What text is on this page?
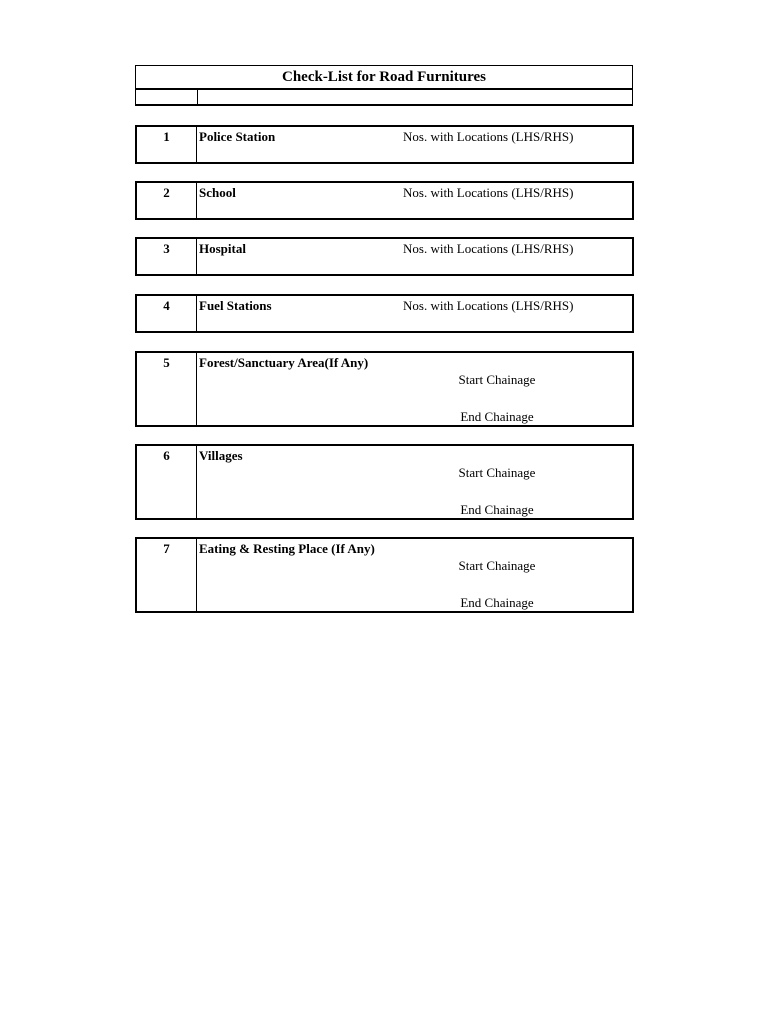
Check-List for Road Furnitures
1	Police Station	Nos. with Locations (LHS/RHS)
2	School	Nos. with Locations (LHS/RHS)
3	Hospital	Nos. with Locations (LHS/RHS)
4	Fuel Stations	Nos. with Locations (LHS/RHS)
5	Forest/Sanctuary Area(If Any)
Start Chainage
End Chainage
6	Villages
Start Chainage
End Chainage
7	Eating & Resting Place (If Any)
Start Chainage
End Chainage
